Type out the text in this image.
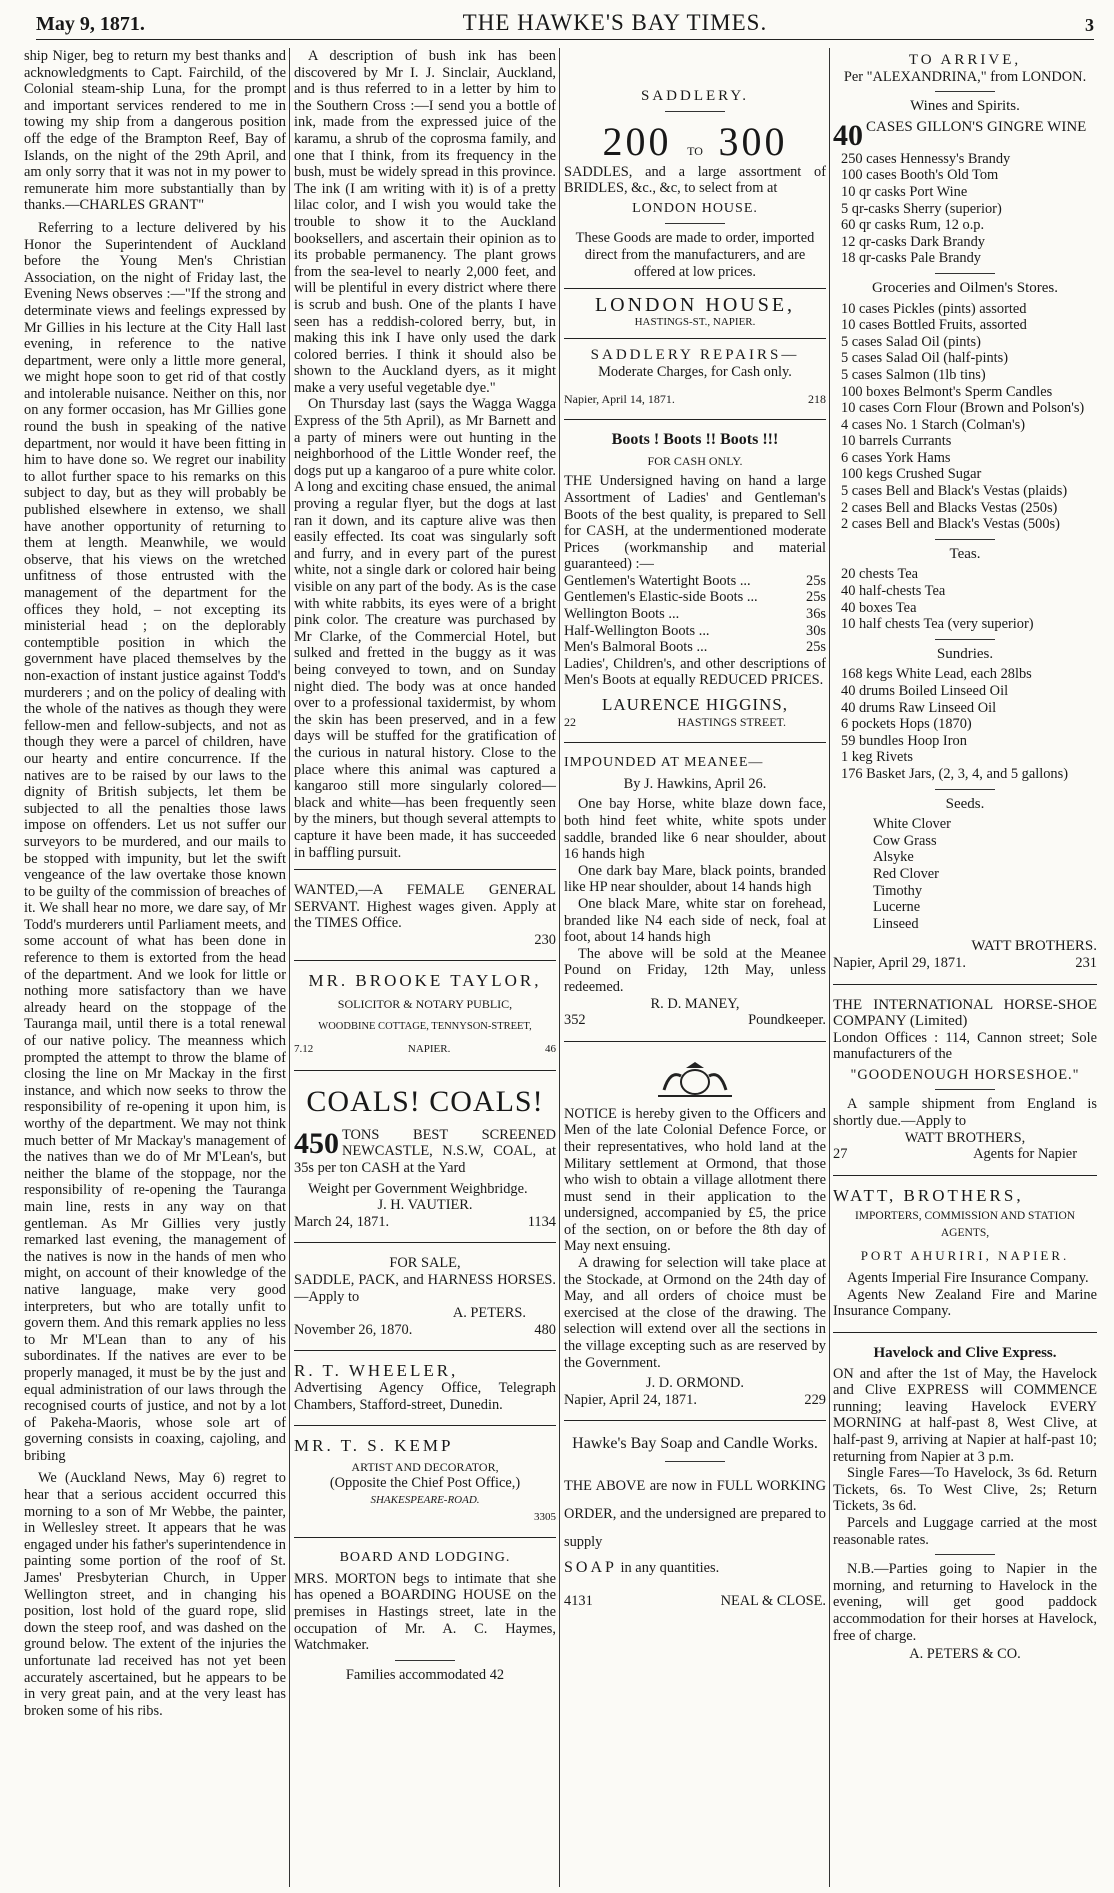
May 9, 1871.	THE HAWKE'S BAY TIMES.	3

ship Niger, beg to return my best thanks and acknowledgments to Capt. Fairchild, of the Colonial steam-ship Luna, for the prompt and important services rendered to me in towing my ship from a dangerous position off the edge of the Brampton Reef, Bay of Islands, on the night of the 29th April, and am only sorry that it was not in my power to remunerate him more substantially than by thanks.—CHARLES GRANT"

Referring to a lecture delivered by his Honor the Superintendent of Auckland before the Young Men's Christian Association, on the night of Friday last, the Evening News observes :—"If the strong and determinate views and feelings expressed by Mr Gillies in his lecture at the City Hall last evening, in reference to the native department, were only a little more general, we might hope soon to get rid of that costly and intolerable nuisance. Neither on this, nor on any former occasion, has Mr Gillies gone round the bush in speaking of the native department, nor would it have been fitting in him to have done so. We regret our inability to allot further space to his remarks on this subject to day, but as they will probably be published elsewhere in extenso, we shall have another opportunity of returning to them at length. Meanwhile, we would observe, that his views on the wretched unfitness of those entrusted with the management of the department for the offices they hold, – not excepting its ministerial head ; on the deplorably contemptible position in which the government have placed themselves by the non-exaction of instant justice against Todd's murderers ; and on the policy of dealing with the whole of the natives as though they were fellow-men and fellow-subjects, and not as though they were a parcel of children, have our hearty and entire concurrence. If the natives are to be raised by our laws to the dignity of British subjects, let them be subjected to all the penalties those laws impose on offenders. Let us not suffer our surveyors to be murdered, and our mails to be stopped with impunity, but let the swift vengeance of the law overtake those known to be guilty of the commission of breaches of it. We shall hear no more, we dare say, of Mr Todd's murderers until Parliament meets, and some account of what has been done in reference to them is extorted from the head of the department. And we look for little or nothing more satisfactory than we have already heard on the stoppage of the Tauranga mail, until there is a total renewal of our native policy. The meanness which prompted the attempt to throw the blame of closing the line on Mr Mackay in the first instance, and which now seeks to throw the responsibility of re-opening it upon him, is worthy of the department. We may not think much better of Mr Mackay's management of the natives than we do of Mr M'Lean's, but neither the blame of the stoppage, nor the responsibility of re-opening the Tauranga main line, rests in any way on that gentleman. As Mr Gillies very justly remarked last evening, the management of the natives is now in the hands of men who might, on account of their knowledge of the native language, make very good interpreters, but who are totally unfit to govern them. And this remark applies no less to Mr M'Lean than to any of his subordinates. If the natives are ever to be properly managed, it must be by the just and equal administration of our laws through the recognised courts of justice, and not by a lot of Pakeha-Maoris, whose sole art of governing consists in coaxing, cajoling, and bribing

We (Auckland News, May 6) regret to hear that a serious accident occurred this morning to a son of Mr Webbe, the painter, in Wellesley street. It appears that he was engaged under his father's superintendence in painting some portion of the roof of St. James' Presbyterian Church, in Upper Wellington street, and in changing his position, lost hold of the guard rope, slid down the steep roof, and was dashed on the ground below. The extent of the injuries the unfortunate lad received has not yet been accurately ascertained, but he appears to be in very great pain, and at the very least has broken some of his ribs.

A description of bush ink has been discovered by Mr I. J. Sinclair, Auckland, and is thus referred to in a letter by him to the Southern Cross :—I send you a bottle of ink, made from the expressed juice of the karamu, a shrub of the coprosma family, and one that I think, from its frequency in the bush, must be widely spread in this province. The ink (I am writing with it) is of a pretty lilac color, and I wish you would take the trouble to show it to the Auckland booksellers, and ascertain their opinion as to its probable permanency. The plant grows from the sea-level to nearly 2,000 feet, and will be plentiful in every district where there is scrub and bush. One of the plants I have seen has a reddish-colored berry, but, in making this ink I have only used the dark colored berries. I think it should also be shown to the Auckland dyers, as it might make a very useful vegetable dye."

On Thursday last (says the Wagga Wagga Express of the 5th April), as Mr Barnett and a party of miners were out hunting in the neighborhood of the Little Wonder reef, the dogs put up a kangaroo of a pure white color. A long and exciting chase ensued, the animal proving a regular flyer, but the dogs at last ran it down, and its capture alive was then easily effected. Its coat was singularly soft and furry, and in every part of the purest white, not a single dark or colored hair being visible on any part of the body. As is the case with white rabbits, its eyes were of a bright pink color. The creature was purchased by Mr Clarke, of the Commercial Hotel, but sulked and fretted in the buggy as it was being conveyed to town, and on Sunday night died. The body was at once handed over to a professional taxidermist, by whom the skin has been preserved, and in a few days will be stuffed for the gratification of the curious in natural history. Close to the place where this animal was captured a kangaroo still more singularly colored—black and white—has been frequently seen by the miners, but though several attempts to capture it have been made, it has succeeded in baffling pursuit.

WANTED,—A FEMALE GENERAL SERVANT. Highest wages given. Apply at the TIMES Office.

230
MR. BROOKE TAYLOR,
SOLICITOR & NOTARY PUBLIC,
WOODBINE COTTAGE, TENNYSON-STREET,
7.12	NAPIER.	46
COALS! COALS!
450 TONS BEST SCREENED NEWCASTLE, N.S.W, COAL, at 35s per ton CASH at the Yard

Weight per Government Weighbridge.

J. H. VAUTIER.
March 24, 1871.	1134
FOR SALE,

SADDLE, PACK, and HARNESS HORSES.—Apply to

A. PETERS.
November 26, 1870.	480
R. T. WHEELER,

Advertising Agency Office, Telegraph Chambers, Stafford-street, Dunedin.

MR. T. S. KEMP
ARTIST AND DECORATOR,
(Opposite the Chief Post Office,)
SHAKESPEARE-ROAD.
3305
BOARD AND LODGING.

MRS. MORTON begs to intimate that she has opened a BOARDING HOUSE on the premises in Hastings street, late in the occupation of Mr. A. C. Haymes, Watchmaker.

Families accommodated 42
SADDLERY.
200 TO 300

SADDLES, and a large assortment of BRIDLES, &c., &c, to select from at

LONDON HOUSE.

These Goods are made to order, imported direct from the manufacturers, and are offered at low prices.

LONDON HOUSE,
HASTINGS-ST., NAPIER.
SADDLERY REPAIRS—
Moderate Charges, for Cash only.
Napier, April 14, 1871.	218
Boots ! Boots !! Boots !!!
FOR CASH ONLY.

THE Undersigned having on hand a large Assortment of Ladies' and Gentleman's Boots of the best quality, is prepared to Sell for CASH, at the undermentioned moderate Prices (workmanship and material guaranteed) :—

Gentlemen's Watertight Boots ...	25s
Gentlemen's Elastic-side Boots ...	25s
Wellington Boots ...	36s
Half-Wellington Boots ...	30s
Men's Balmoral Boots ...	25s

Ladies', Children's, and other descriptions of Men's Boots at equally REDUCED PRICES.

LAURENCE HIGGINS,
22	HASTINGS STREET.
IMPOUNDED AT MEANEE—
By J. Hawkins, April 26.

One bay Horse, white blaze down face, both hind feet white, white spots under saddle, branded like 6 near shoulder, about 16 hands high

One dark bay Mare, black points, branded like HP near shoulder, about 14 hands high

One black Mare, white star on forehead, branded like N4 each side of neck, foal at foot, about 14 hands high

The above will be sold at the Meanee Pound on Friday, 12th May, unless redeemed.

R. D. MANEY,
352	Poundkeeper.

NOTICE is hereby given to the Officers and Men of the late Colonial Defence Force, or their representatives, who hold land at the Military settlement at Ormond, that those who wish to obtain a village allotment there must send in their application to the undersigned, accompanied by £5, the price of the section, on or before the 8th day of May next ensuing.

A drawing for selection will take place at the Stockade, at Ormond on the 24th day of May, and all orders of choice must be exercised at the close of the drawing. The selection will extend over all the sections in the village excepting such as are reserved by the Government.

J. D. ORMOND.
Napier, April 24, 1871.	229
Hawke's Bay Soap and Candle Works.

THE ABOVE are now in FULL WORKING ORDER, and the undersigned are prepared to supply

SOAP in any quantities.
4131	NEAL & CLOSE.
TO ARRIVE,
Per "ALEXANDRINA," from LONDON.
Wines and Spirits.
40 CASES GILLON'S GINGRE WINE
250 cases Hennessy's Brandy
100 cases Booth's Old Tom
10 qr casks Port Wine
5 qr-casks Sherry (superior)
60 qr casks Rum, 12 o.p.
12 qr-casks Dark Brandy
18 qr-casks Pale Brandy
Groceries and Oilmen's Stores.
10 cases Pickles (pints) assorted
10 cases Bottled Fruits, assorted
5 cases Salad Oil (pints)
5 cases Salad Oil (half-pints)
5 cases Salmon (1lb tins)
100 boxes Belmont's Sperm Candles
10 cases Corn Flour (Brown and Polson's)
4 cases No. 1 Starch (Colman's)
10 barrels Currants
6 cases York Hams
100 kegs Crushed Sugar
5 cases Bell and Black's Vestas (plaids)
2 cases Bell and Blacks Vestas (250s)
2 cases Bell and Black's Vestas (500s)
Teas.
20 chests Tea
40 half-chests Tea
40 boxes Tea
10 half chests Tea (very superior)
Sundries.
168 kegs White Lead, each 28lbs
40 drums Boiled Linseed Oil
40 drums Raw Linseed Oil
6 pockets Hops (1870)
59 bundles Hoop Iron
1 keg Rivets
176 Basket Jars, (2, 3, 4, and 5 gallons)
Seeds.
White Clover
Cow Grass
Alsyke
Red Clover
Timothy
Lucerne
Linseed
WATT BROTHERS.
Napier, April 29, 1871.	231

THE INTERNATIONAL HORSE-SHOE COMPANY (Limited)

London Offices : 114, Cannon street; Sole manufacturers of the

"GOODENOUGH HORSESHOE."

A sample shipment from England is shortly due.—Apply to

WATT BROTHERS,
27	Agents for Napier
WATT, BROTHERS,
IMPORTERS, COMMISSION AND STATION AGENTS,
PORT AHURIRI, NAPIER.

Agents Imperial Fire Insurance Company.

Agents New Zealand Fire and Marine Insurance Company.

Havelock and Clive Express.

ON and after the 1st of May, the Havelock and Clive EXPRESS will COMMENCE running; leaving Havelock EVERY MORNING at half-past 8, West Clive, at half-past 9, arriving at Napier at half-past 10; returning from Napier at 3 p.m.

Single Fares—To Havelock, 3s 6d. Return Tickets, 6s. To West Clive, 2s; Return Tickets, 3s 6d.

Parcels and Luggage carried at the most reasonable rates.

N.B.—Parties going to Napier in the morning, and returning to Havelock in the evening, will get good paddock accommodation for their horses at Havelock, free of charge.

A. PETERS & CO.
